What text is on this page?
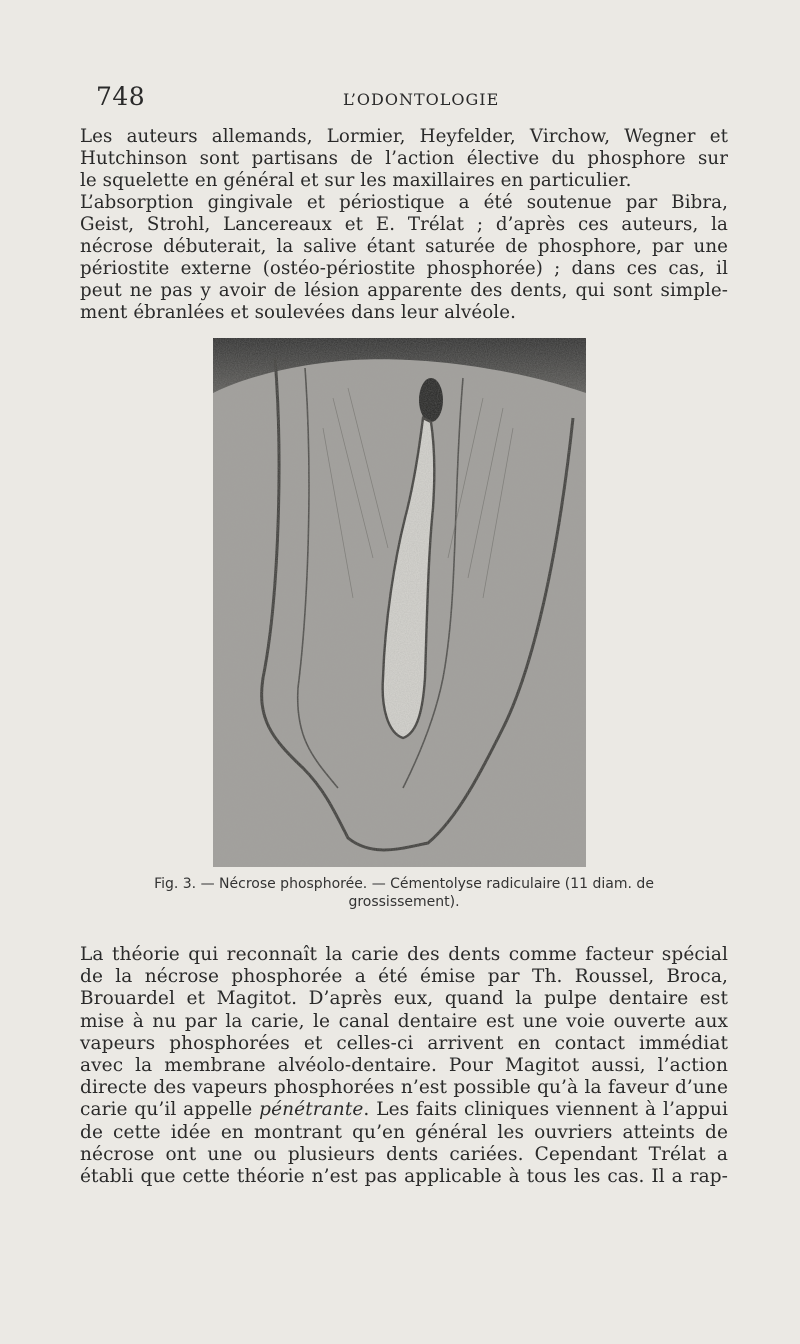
748	L’ODONTOLOGIE
Les auteurs allemands, Lormier, Heyfelder, Virchow, Wegner et
Hutchinson sont partisans de l’action élective du phosphore sur
le squelette en général et sur les maxillaires en particulier.
L’absorption gingivale et périostique a été soutenue par Bibra,
Geist, Strohl, Lancereaux et E. Trélat ; d’après ces auteurs, la
nécrose débuterait, la salive étant saturée de phosphore, par une
périostite externe (ostéo-périostite phosphorée) ; dans ces cas, il
peut ne pas y avoir de lésion apparente des dents, qui sont simple-
ment ébranlées et soulevées dans leur alvéole.
Fig. 3. — Nécrose phosphorée. — Cémentolyse radiculaire (11 diam. de
grossissement).
La théorie qui reconnaît la carie des dents comme facteur spécial
de la nécrose phosphorée a été émise par Th. Roussel, Broca,
Brouardel et Magitot. D’après eux, quand la pulpe dentaire est
mise à nu par la carie, le canal dentaire est une voie ouverte aux
vapeurs phosphorées et celles-ci arrivent en contact immédiat
avec la membrane alvéolo-dentaire. Pour Magitot aussi, l’action
directe des vapeurs phosphorées n’est possible qu’à la faveur d’une
carie qu’il appelle pénétrante. Les faits cliniques viennent à l’appui
de cette idée en montrant qu’en général les ouvriers atteints de
nécrose ont une ou plusieurs dents cariées. Cependant Trélat a
établi que cette théorie n’est pas applicable à tous les cas. Il a rap-
